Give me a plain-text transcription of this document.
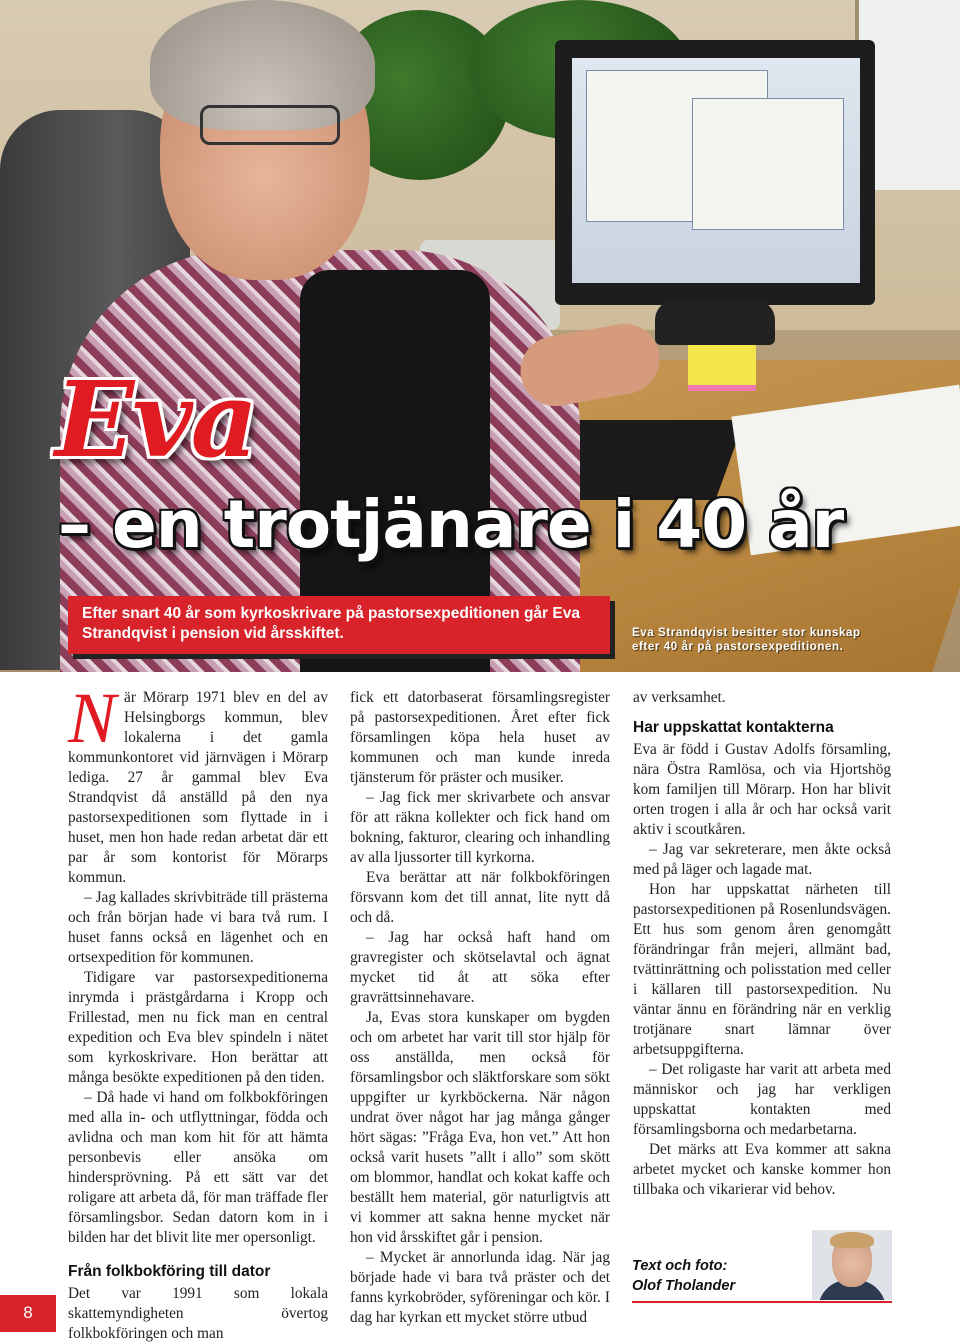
Eva
– en trotjänare i 40 år

Efter snart 40 år som kyrkoskrivare på pastorsexpeditionen går Eva Strandqvist i pension vid årsskiftet.	Eva Strandqvist besitter stor kunskap
efter 40 år på pastorsexpeditionen.

När Mörarp 1971 blev en del av Helsingborgs kommun, blev lokalerna i det gamla kommunkontoret vid järnvägen i Mörarp lediga. 27 år gammal blev Eva Strandqvist då anställd på den nya pastorsexpeditionen som flyttade in i huset, men hon hade redan arbetat där ett par år som kontorist för Mörarps kommun.

– Jag kallades skrivbiträde till prästerna och från början hade vi bara två rum. I huset fanns också en lägenhet och en ortsexpedition för kommunen.

Tidigare var pastorsexpeditionerna inrymda i prästgårdarna i Kropp och Frillestad, men nu fick man en central expedition och Eva blev spindeln i nätet som kyrkoskrivare. Hon berättar att många besökte expeditionen på den tiden.

– Då hade vi hand om folkbokföringen med alla in- och utflyttningar, födda och avlidna och man kom hit för att hämta personbevis eller ansöka om hindersprövning. På ett sätt var det roligare att arbeta då, för man träffade fler församlingsbor. Sedan datorn kom in i bilden har det blivit lite mer opersonligt.

Från folkbokföring till dator

Det var 1991 som lokala skattemyndigheten övertog folkbokföringen och man

fick ett datorbaserat församlingsregister på pastorsexpeditionen. Året efter fick församlingen köpa hela huset av kommunen och man kunde inreda tjänsterum för präster och musiker.

– Jag fick mer skrivarbete och ansvar för att räkna kollekter och fick hand om bokning, fakturor, clearing och inhandling av alla ljussorter till kyrkorna.

Eva berättar att när folkbokföringen försvann kom det till annat, lite nytt då och då.

– Jag har också haft hand om gravregister och skötselavtal och ägnat mycket tid åt att söka efter gravrättsinnehavare.

Ja, Evas stora kunskaper om bygden och om arbetet har varit till stor hjälp för oss anställda, men också för församlingsbor och släktforskare som sökt uppgifter ur kyrkböckerna. När någon undrat över något har jag många gånger hört sägas: ”Fråga Eva, hon vet.” Att hon också varit husets ”allt i allo” som skött om blommor, handlat och kokat kaffe och beställt hem material, gör naturligtvis att vi kommer att sakna henne mycket när hon vid årsskiftet går i pension.

– Mycket är annorlunda idag. När jag började hade vi bara två präster och det fanns kyrkobröder, syföreningar och kör. I dag har kyrkan ett mycket större utbud

av verksamhet.

Har uppskattat kontakterna

Eva är född i Gustav Adolfs församling, nära Östra Ramlösa, och via Hjortshög kom familjen till Mörarp. Hon har blivit orten trogen i alla år och har också varit aktiv i scoutkåren.

– Jag var sekreterare, men åkte också med på läger och lagade mat.

Hon har uppskattat närheten till pastorsexpeditionen på Rosenlundsvägen. Ett hus som genom åren genomgått förändringar från mejeri, allmänt bad, tvättinrättning och polisstation med celler i källaren till pastorsexpedition. Nu väntar ännu en förändring när en verklig trotjänare snart lämnar över arbetsuppgifterna.

– Det roligaste har varit att arbeta med människor och jag har verkligen uppskattat kontakten med församlingsborna och medarbetarna.

Det märks att Eva kommer att sakna arbetet mycket och kanske kommer hon tillbaka och vikarierar vid behov.

Text och foto:
Olof Tholander

8
